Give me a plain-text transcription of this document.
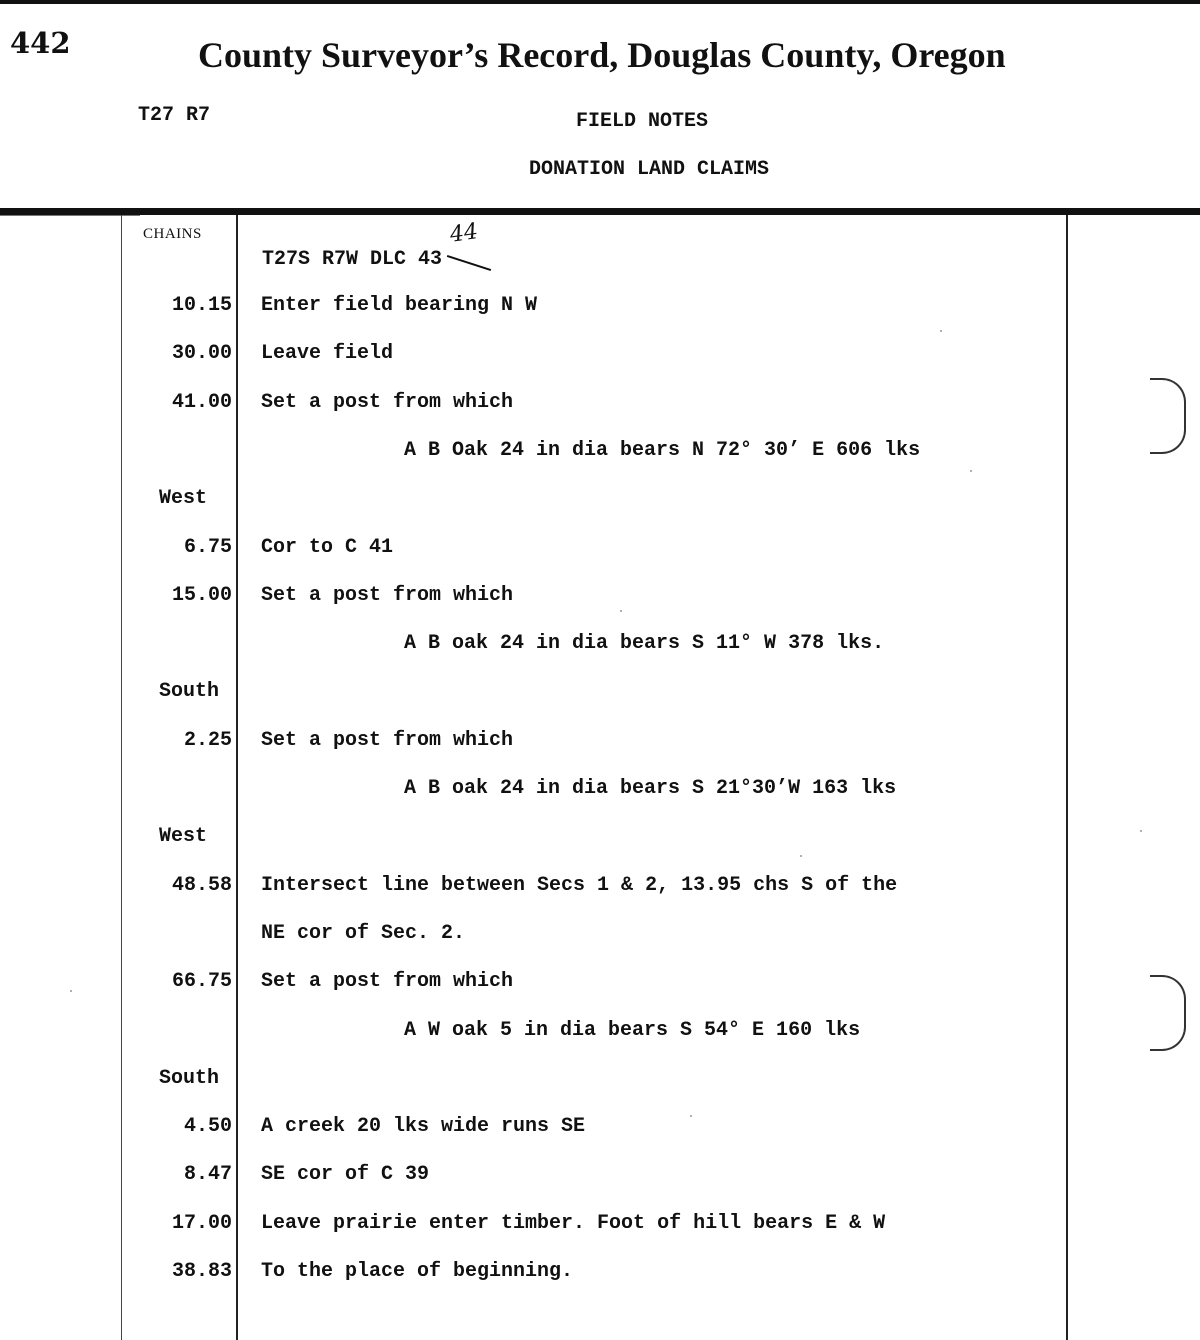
442	County Surveyor’s Record, Douglas County, Oregon
T27 R7	FIELD NOTES
DONATION LAND CLAIMS
CHAINS
T27S R7W DLC 43
44
10.15 Enter field bearing N W
30.00 Leave field
41.00 Set a post from which
A B Oak 24 in dia bears N 72° 30’ E 606 lks
West
6.75 Cor to C 41
15.00 Set a post from which
A B oak 24 in dia bears S 11° W 378 lks.
South
2.25 Set a post from which
A B oak 24 in dia bears S 21°30’W 163 lks
West
48.58 Intersect line between Secs 1 & 2, 13.95 chs S of the
NE cor of Sec. 2.
66.75 Set a post from which
A W oak 5 in dia bears S 54° E 160 lks
South
4.50 A creek 20 lks wide runs SE
8.47 SE cor of C 39
17.00 Leave prairie enter timber. Foot of hill bears E & W
38.83 To the place of beginning.
